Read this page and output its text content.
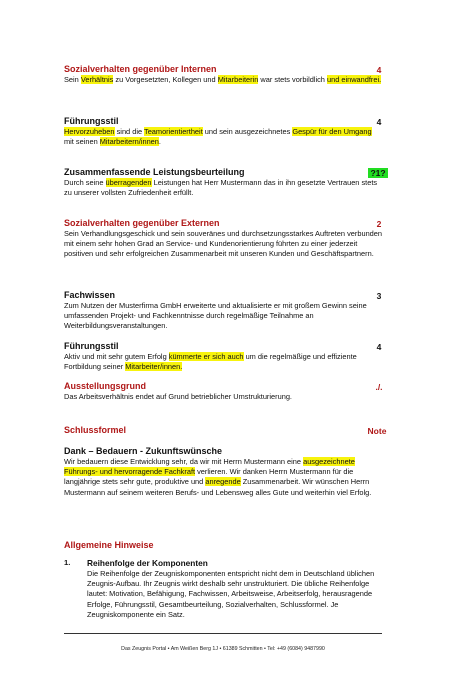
Sozialverhalten gegenüber Internen
Sein Verhältnis zu Vorgesetzten, Kollegen und Mitarbeiterin war stets vorbildlich und einwandfrei.
4
Führungsstil
Hervorzuheben sind die Teamorientiertheit und sein ausgezeichnetes Gespür für den Umgang mit seinen Mitarbeitern/innen.
4
Zusammenfassende Leistungsbeurteilung
Durch seine überragenden Leistungen hat Herr Mustermann das in ihn gesetzte Vertrauen stets zu unserer vollsten Zufriedenheit erfüllt.
?1?
Sozialverhalten gegenüber Externen
Sein Verhandlungsgeschick und sein souveränes und durchsetzungsstarkes Auftreten verbunden mit einem sehr hohen Grad an Service- und Kundenorientierung führten zu einer jederzeit positiven und sehr erfolgreichen Zusammenarbeit mit unseren Kunden und Geschäftspartnern.
2
Fachwissen
Zum Nutzen der Musterfirma GmbH erweiterte und aktualisierte er mit großem Gewinn seine umfassenden Projekt- und Fachkenntnisse durch regelmäßige Teilnahme an Weiterbildungsveranstaltungen.
3
Führungsstil
Aktiv und mit sehr gutem Erfolg kümmerte er sich auch um die regelmäßige und effiziente Fortbildung seiner Mitarbeiter/innen.
4
Ausstellungsgrund
Das Arbeitsverhältnis endet auf Grund betrieblicher Umstrukturierung.
./.
Schlussformel	Note
Dank – Bedauern - Zukunftswünsche
Wir bedauern diese Entwicklung sehr, da wir mit Herrn Mustermann eine ausgezeichnete Führungs- und hervorragende Fachkraft verlieren. Wir danken Herrn Mustermann für die langjährige stets sehr gute, produktive und anregende Zusammenarbeit. Wir wünschen Herrn Mustermann auf seinem weiteren Berufs- und Lebensweg alles Gute und weiterhin viel Erfolg.
Allgemeine Hinweise
1. Reihenfolge der Komponenten
Die Reihenfolge der Zeugniskomponenten entspricht nicht dem in Deutschland üblichen Zeugnis-Aufbau. Ihr Zeugnis wirkt deshalb sehr unstrukturiert. Die übliche Reihenfolge lautet: Motivation, Befähigung, Fachwissen, Arbeitsweise, Arbeitserfolg, herausragende Erfolge, Führungsstil, Gesamtbeurteilung, Sozialverhalten, Schlussformel. Je Zeugniskomponente ein Satz.
Das Zeugnis Portal • Am Weißen Berg 1J • 61389 Schmitten • Tel: +49 (6084) 9487990
